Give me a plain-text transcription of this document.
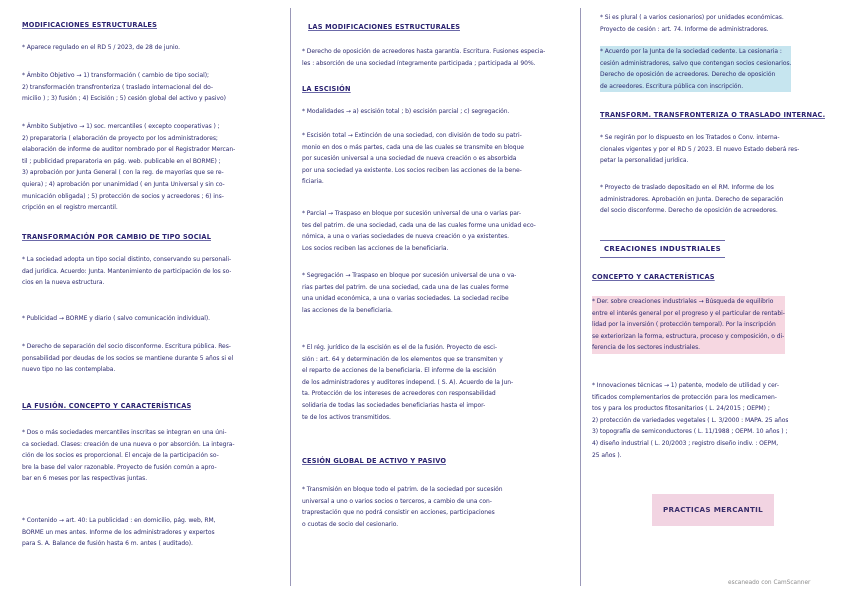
MODIFICACIONES ESTRUCTURALES
* Aparece regulado en el RD 5 / 2023, de 28 de junio.
* Ámbito Objetivo → 1) transformación ( cambio de tipo social);
2) transformación transfronteriza ( traslado internacional del do-
micilio ) ; 3) fusión ; 4) Escisión ; 5) cesión global del activo y pasivo)
* Ámbito Subjetivo → 1) soc. mercantiles ( excepto cooperativas ) ;
2) preparatoria ( elaboración de proyecto por los administradores;
elaboración de informe de auditor nombrado por el Registrador Mercan-
til ; publicidad preparatoria en pág. web. publicable en el BORME) ;
3) aprobación por Junta General ( con la reg. de mayorías que se re-
quiera) ; 4) aprobación por unanimidad ( en Junta Universal y sin co-
municación obligada) ; 5) protección de socios y acreedores ; 6) ins-
cripción en el registro mercantil.
TRANSFORMACIÓN POR CAMBIO DE TIPO SOCIAL
* La sociedad adopta un tipo social distinto, conservando su personali-
dad jurídica. Acuerdo: Junta. Mantenimiento de participación de los so-
cios en la nueva estructura.
* Publicidad → BORME y diario ( salvo comunicación individual).
* Derecho de separación del socio disconforme. Escritura pública. Res-
ponsabilidad por deudas de los socios se mantiene durante 5 años si el
nuevo tipo no las contemplaba.
LA FUSIÓN. CONCEPTO Y CARACTERÍSTICAS
* Dos o más sociedades mercantiles inscritas se integran en una úni-
ca sociedad. Clases: creación de una nueva o por absorción. La integra-
ción de los socios es proporcional. El encaje de la participación so-
bre la base del valor razonable. Proyecto de fusión común a apro-
bar en 6 meses por las respectivas juntas.
* Contenido → art. 40: La publicidad : en domicilio, pág. web, RM,
BORME un mes antes. Informe de los administradores y expertos
para S. A. Balance de fusión hasta 6 m. antes ( auditado).
LAS MODIFICACIONES ESTRUCTURALES
* Derecho de oposición de acreedores hasta garantía. Escritura. Fusiones especia-
les : absorción de una sociedad íntegramente participada ; participada al 90%.
LA ESCISIÓN
* Modalidades → a) escisión total ; b) escisión parcial ; c) segregación.
* Escisión total → Extinción de una sociedad, con división de todo su patri-
monio en dos o más partes, cada una de las cuales se transmite en bloque
por sucesión universal a una sociedad de nueva creación o es absorbida
por una sociedad ya existente. Los socios reciben las acciones de la bene-
ficiaria.
* Parcial → Traspaso en bloque por sucesión universal de una o varias par-
tes del patrim. de una sociedad, cada una de las cuales forme una unidad eco-
nómica, a una o varias sociedades de nueva creación o ya existentes.
Los socios reciben las acciones de la beneficiaria.
* Segregación → Traspaso en bloque por sucesión universal de una o va-
rias partes del patrim. de una sociedad, cada una de las cuales forme
una unidad económica, a una o varias sociedades. La sociedad recibe
las acciones de la beneficiaria.
* El rég. jurídico de la escisión es el de la fusión. Proyecto de esci-
sión : art. 64 y determinación de los elementos que se transmiten y
el reparto de acciones de la beneficiaria. El informe de la escisión
de los administradores y auditores independ. ( S. A). Acuerdo de la Jun-
ta. Protección de los intereses de acreedores con responsabilidad
solidaria de todas las sociedades beneficiarias hasta el impor-
te de los activos transmitidos.
CESIÓN GLOBAL DE ACTIVO Y PASIVO
* Transmisión en bloque todo el patrim. de la sociedad por sucesión
universal a uno o varios socios o terceros, a cambio de una con-
traprestación que no podrá consistir en acciones, participaciones
o cuotas de socio del cesionario.
* Si es plural ( a varios cesionarios) por unidades económicas.
Proyecto de cesión : art. 74. Informe de administradores.
* Acuerdo por la Junta de la sociedad cedente. La cesionaria :
cesión administradores, salvo que contengan socios cesionarios.
Derecho de oposición de acreedores. Derecho de oposición
de acreedores. Escritura pública con inscripción.
TRANSFORM. TRANSFRONTERIZA O TRASLADO INTERNAC.
* Se regirán por lo dispuesto en los Tratados o Conv. interna-
cionales vigentes y por el RD 5 / 2023. El nuevo Estado deberá res-
petar la personalidad jurídica.
* Proyecto de traslado depositado en el RM. Informe de los
administradores. Aprobación en Junta. Derecho de separación
del socio disconforme. Derecho de oposición de acreedores.
CREACIONES INDUSTRIALES
CONCEPTO Y CARACTERÍSTICAS
* Der. sobre creaciones industriales → Búsqueda de equilibrio
entre el interés general por el progreso y el particular de rentabi-
lidad por la inversión ( protección temporal). Por la inscripción
se exteriorizan la forma, estructura, proceso y composición, o di-
ferencia de los sectores industriales.
* Innovaciones técnicas → 1) patente, modelo de utilidad y cer-
tificados complementarios de protección para los medicamen-
tos y para los productos fitosanitarios ( L. 24/2015 ; OEPM) ;
2) protección de variedades vegetales ( L. 3/2000 : MAPA. 25 años
3) topografía de semiconductores ( L. 11/1988 ; OEPM. 10 años ) ;
4) diseño industrial ( L. 20/2003 ; registro diseño indiv. : OEPM,
25 años ).
PRACTICAS MERCANTIL
escaneado con CamScanner
